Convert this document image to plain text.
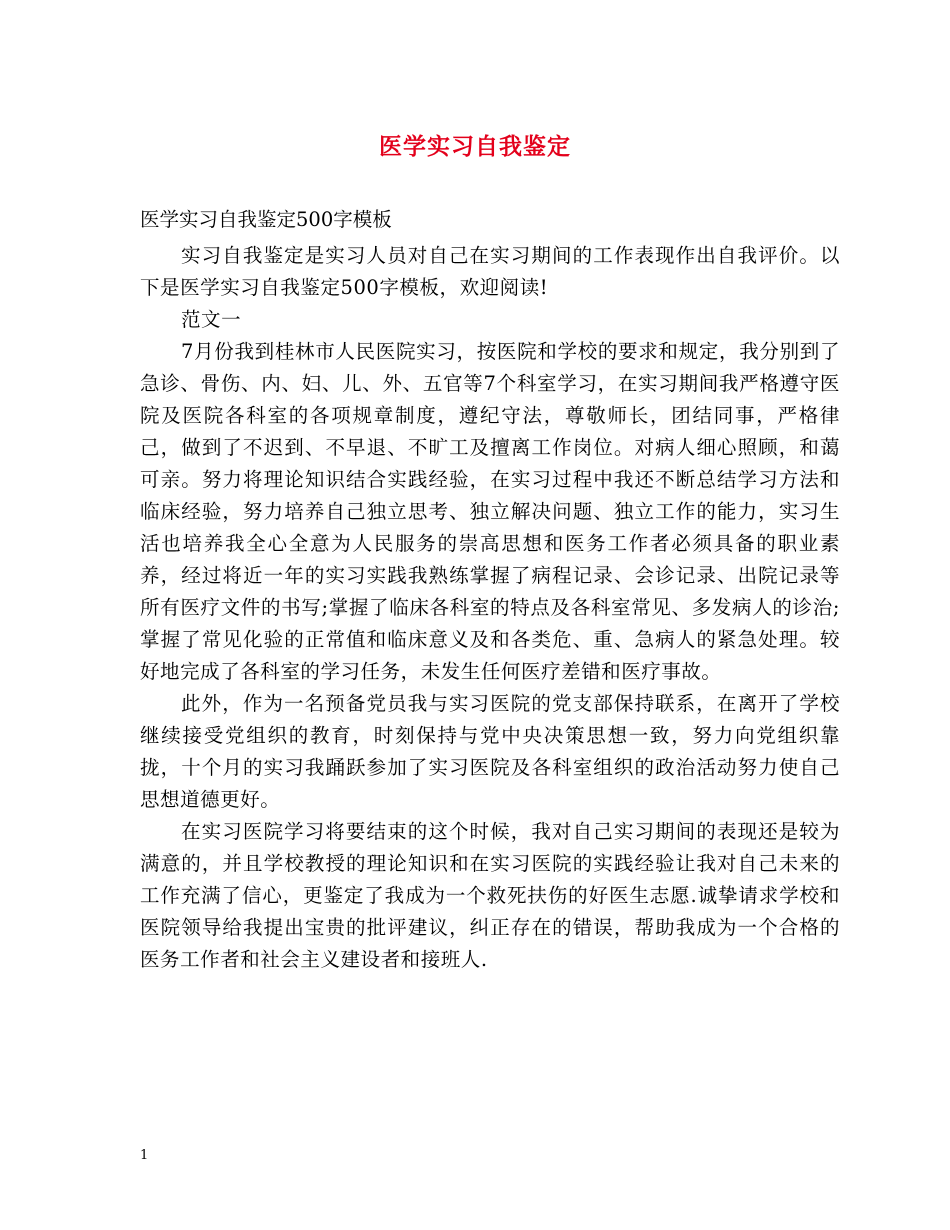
医学实习自我鉴定
医学实习自我鉴定500字模板

实习自我鉴定是实习人员对自己在实习期间的工作表现作出自我评价。以下是医学实习自我鉴定500字模板，欢迎阅读!

范文一

7月份我到桂林市人民医院实习，按医院和学校的要求和规定，我分别到了急诊、骨伤、内、妇、儿、外、五官等7个科室学习，在实习期间我严格遵守医院及医院各科室的各项规章制度，遵纪守法，尊敬师长，团结同事，严格律己，做到了不迟到、不早退、不旷工及擅离工作岗位。对病人细心照顾，和蔼可亲。努力将理论知识结合实践经验，在实习过程中我还不断总结学习方法和临床经验，努力培养自己独立思考、独立解决问题、独立工作的能力，实习生活也培养我全心全意为人民服务的崇高思想和医务工作者必须具备的职业素养，经过将近一年的实习实践我熟练掌握了病程记录、会诊记录、出院记录等所有医疗文件的书写;掌握了临床各科室的特点及各科室常见、多发病人的诊治;掌握了常见化验的正常值和临床意义及和各类危、重、急病人的紧急处理。较好地完成了各科室的学习任务，未发生任何医疗差错和医疗事故。

此外，作为一名预备党员我与实习医院的党支部保持联系，在离开了学校继续接受党组织的教育，时刻保持与党中央决策思想一致，努力向党组织靠拢，十个月的实习我踊跃参加了实习医院及各科室组织的政治活动努力使自己思想道德更好。

在实习医院学习将要结束的这个时候，我对自己实习期间的表现还是较为满意的，并且学校教授的理论知识和在实习医院的实践经验让我对自己未来的工作充满了信心，更鉴定了我成为一个救死扶伤的好医生志愿.诚挚请求学校和医院领导给我提出宝贵的批评建议，纠正存在的错误，帮助我成为一个合格的医务工作者和社会主义建设者和接班人.

1
